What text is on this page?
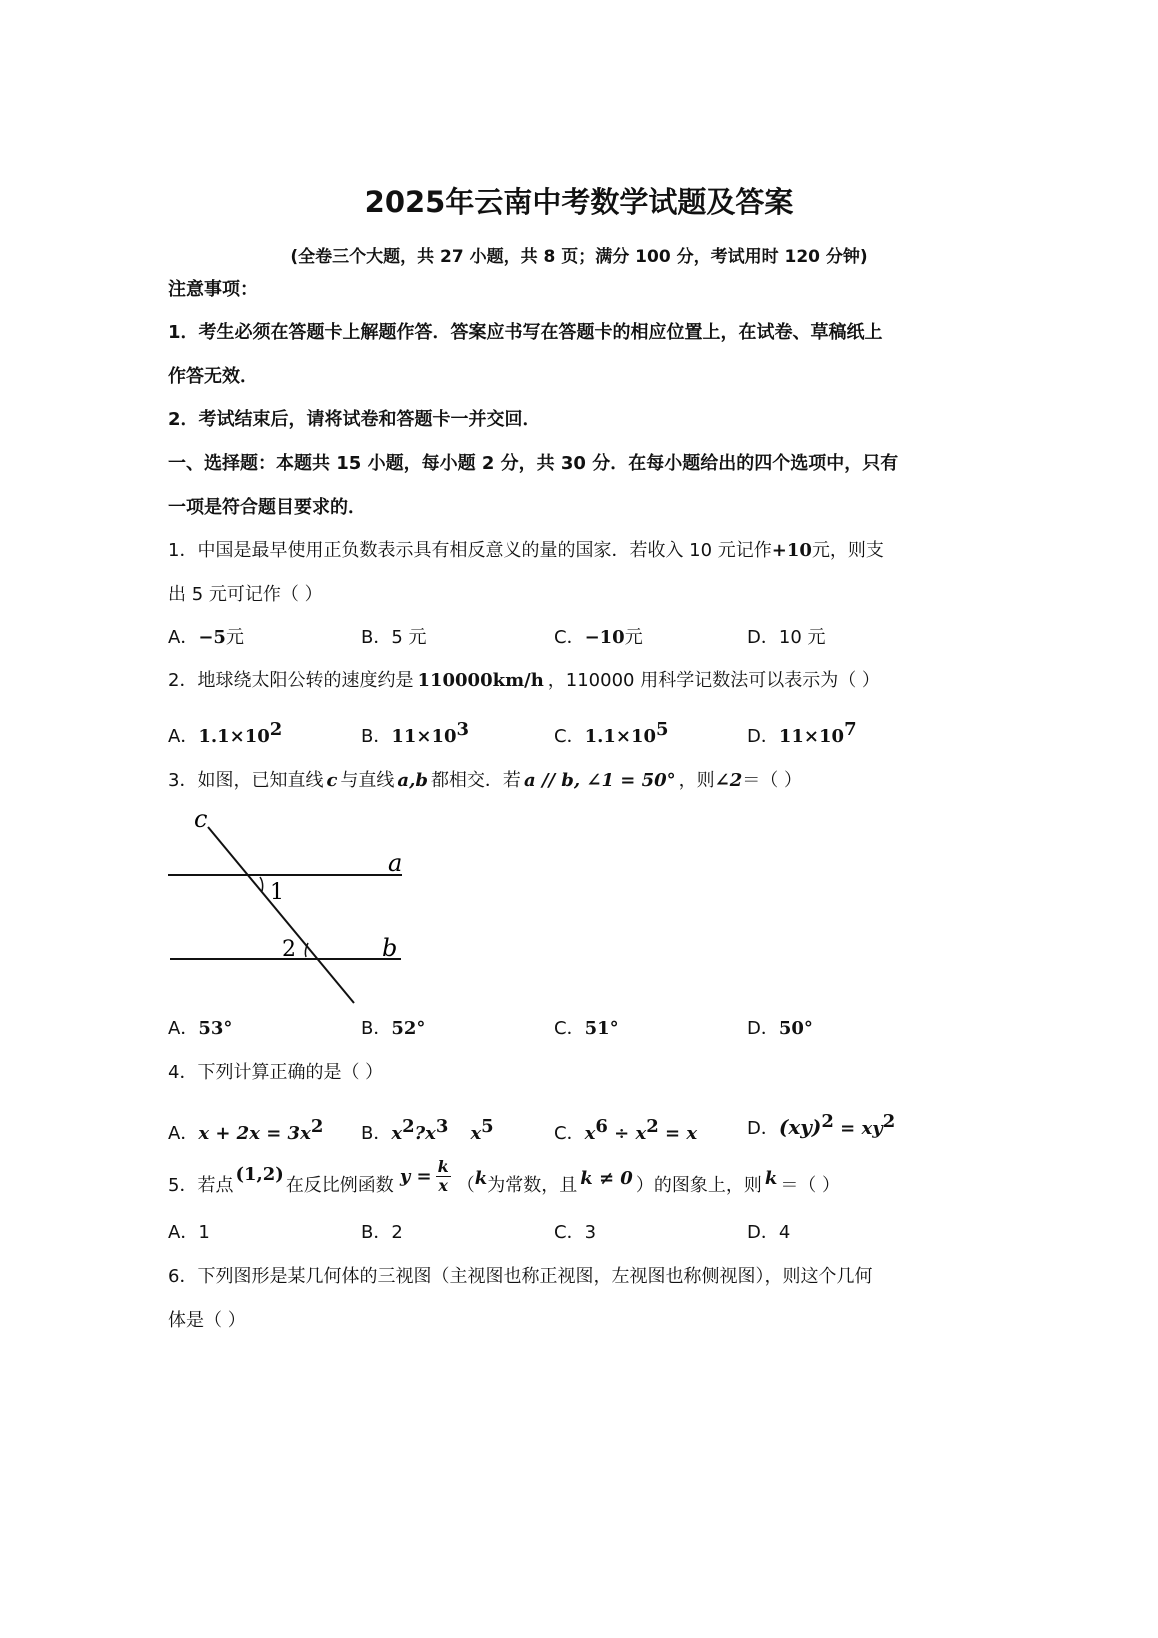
2025年云南中考数学试题及答案
(全卷三个大题，共 27 小题，共 8 页；满分 100 分，考试用时 120 分钟)
注意事项：
1．考生必须在答题卡上解题作答．答案应书写在答题卡的相应位置上，在试卷、草稿纸上
作答无效．
2．考试结束后，请将试卷和答题卡一并交回．
一、选择题：本题共 15 小题，每小题 2 分，共 30 分．在每小题给出的四个选项中，只有
一项是符合题目要求的．
1．中国是最早使用正负数表示具有相反意义的量的国家．若收入 10 元记作+10元，则支
出 5 元可记作（ ）
A．−5元	B．5 元	C．−10元	D．10 元
2．地球绕太阳公转的速度约是 110000km/h ，110000 用科学记数法可以表示为（ ）
A．$1.1\times 10^2$	B．$11\times 10^3$	C．$1.1\times 10^5$	D．$11\times 10^7$
3．如图，已知直线 c 与直线 a,b 都相交．若 a // b, ∠1 = 50° ，则∠2＝（ ）
c
a
b
1
2
A．53°	B．52°	C．51°	D．50°
4．下列计算正确的是（ ）
A．$x + 2x = 3x^2$ B．$x^2?x^3$ $x^5$	C．$x^6 \div x^2 = x$	D．$(xy)^2 = xy^2$
5．若点
(1,2)
在反比例函数 $y = \frac{k}{x}$ （ k 为常数，且 k ≠ 0 ）的图象上，则 k ＝（ ）
A．1	B．2	C．3	D．4
6．下列图形是某几何体的三视图（主视图也称正视图，左视图也称侧视图），则这个几何
体是（ ）
